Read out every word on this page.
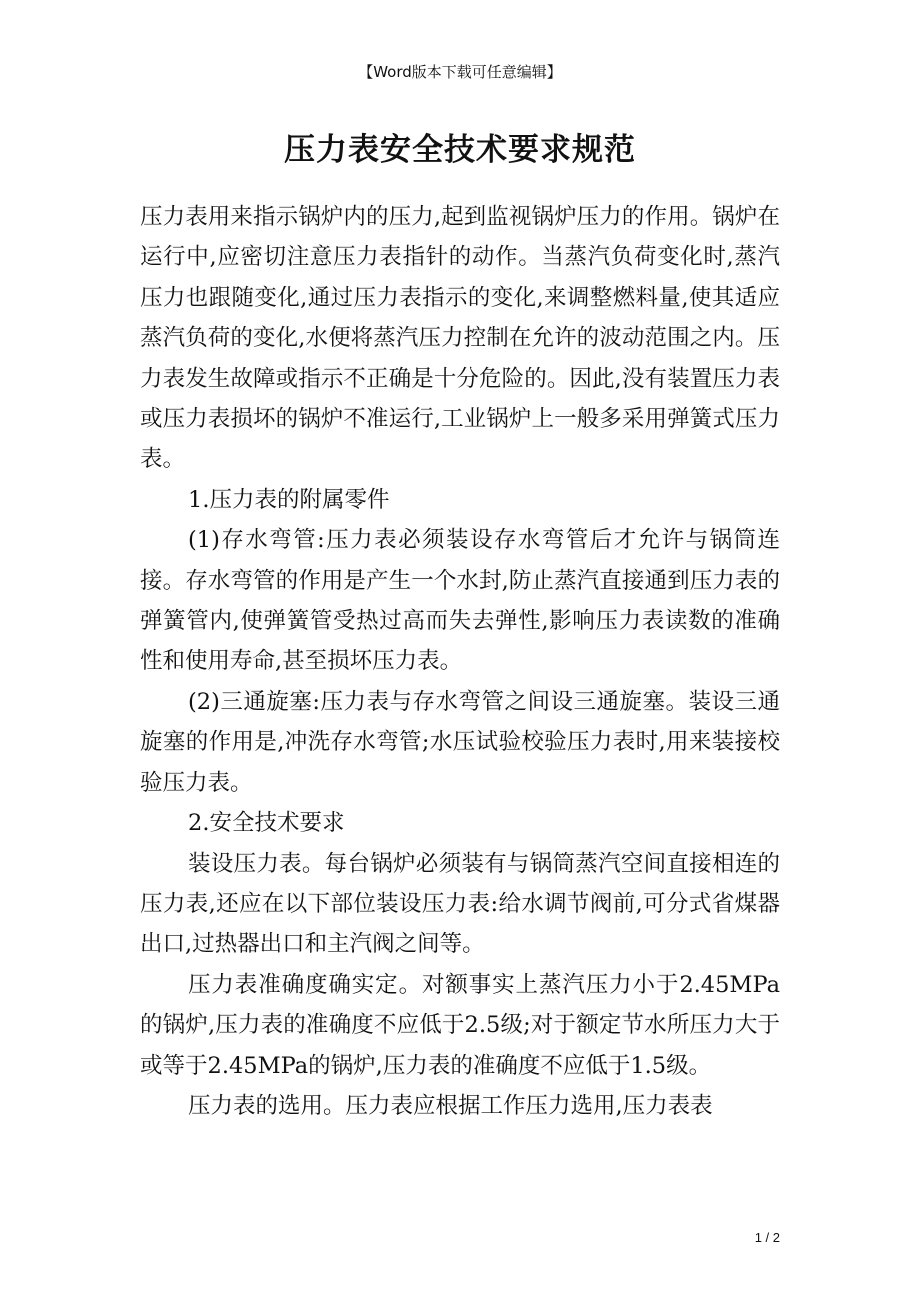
【Word版本下载可任意编辑】
压力表安全技术要求规范

压力表用来指示锅炉内的压力,起到监视锅炉压力的作用。锅炉在运行中,应密切注意压力表指针的动作。当蒸汽负荷变化时,蒸汽压力也跟随变化,通过压力表指示的变化,来调整燃料量,使其适应蒸汽负荷的变化,水便将蒸汽压力控制在允许的波动范围之内。压力表发生故障或指示不正确是十分危险的。因此,没有装置压力表或压力表损坏的锅炉不准运行,工业锅炉上一般多采用弹簧式压力表。

1.压力表的附属零件

(1)存水弯管:压力表必须装设存水弯管后才允许与锅筒连接。存水弯管的作用是产生一个水封,防止蒸汽直接通到压力表的弹簧管内,使弹簧管受热过高而失去弹性,影响压力表读数的准确性和使用寿命,甚至损坏压力表。

(2)三通旋塞:压力表与存水弯管之间设三通旋塞。装设三通旋塞的作用是,冲洗存水弯管;水压试验校验压力表时,用来装接校验压力表。

2.安全技术要求

装设压力表。每台锅炉必须装有与锅筒蒸汽空间直接相连的压力表,还应在以下部位装设压力表:给水调节阀前,可分式省煤器出口,过热器出口和主汽阀之间等。

压力表准确度确实定。对额事实上蒸汽压力小于2.45MPa的锅炉,压力表的准确度不应低于2.5级;对于额定节水所压力大于或等于2.45MPa的锅炉,压力表的准确度不应低于1.5级。

压力表的选用。压力表应根据工作压力选用,压力表表

1 / 2
